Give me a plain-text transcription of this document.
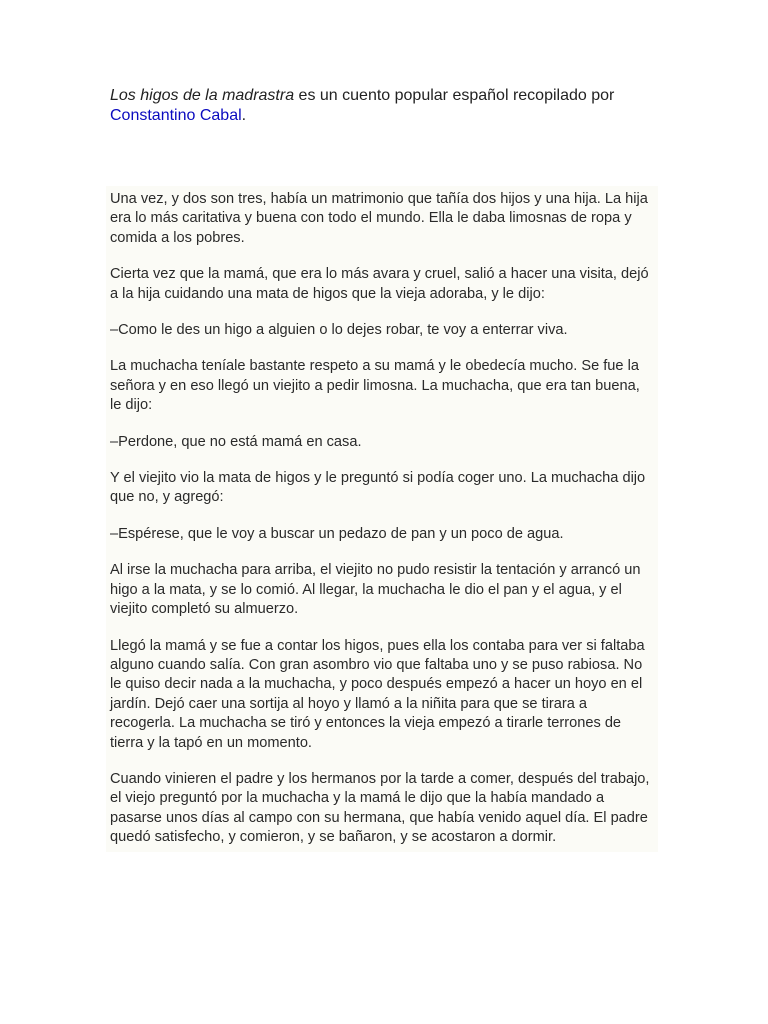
Los higos de la madrastra es un cuento popular español recopilado por Constantino Cabal.

Una vez, y dos son tres, había un matrimonio que tañía dos hijos y una hija. La hija era lo más caritativa y buena con todo el mundo. Ella le daba limosnas de ropa y comida a los pobres.

Cierta vez que la mamá, que era lo más avara y cruel, salió a hacer una visita, dejó a la hija cuidando una mata de higos que la vieja adoraba, y le dijo:

–Como le des un higo a alguien o lo dejes robar, te voy a enterrar viva.

La muchacha teníale bastante respeto a su mamá y le obedecía mucho. Se fue la señora y en eso llegó un viejito a pedir limosna. La muchacha, que era tan buena, le dijo:

–Perdone, que no está mamá en casa.

Y el viejito vio la mata de higos y le preguntó si podía coger uno. La muchacha dijo que no, y agregó:

–Espérese, que le voy a buscar un pedazo de pan y un poco de agua.

Al irse la muchacha para arriba, el viejito no pudo resistir la tentación y arrancó un higo a la mata, y se lo comió. Al llegar, la muchacha le dio el pan y el agua, y el viejito completó su almuerzo.

Llegó la mamá y se fue a contar los higos, pues ella los contaba para ver si faltaba alguno cuando salía. Con gran asombro vio que faltaba uno y se puso rabiosa. No le quiso decir nada a la muchacha, y poco después empezó a hacer un hoyo en el jardín. Dejó caer una sortija al hoyo y llamó a la niñita para que se tirara a recogerla. La muchacha se tiró y entonces la vieja empezó a tirarle terrones de tierra y la tapó en un momento.

Cuando vinieren el padre y los hermanos por la tarde a comer, después del trabajo, el viejo preguntó por la muchacha y la mamá le dijo que la había mandado a pasarse unos días al campo con su hermana, que había venido aquel día. El padre quedó satisfecho, y comieron, y se bañaron, y se acostaron a dormir.
